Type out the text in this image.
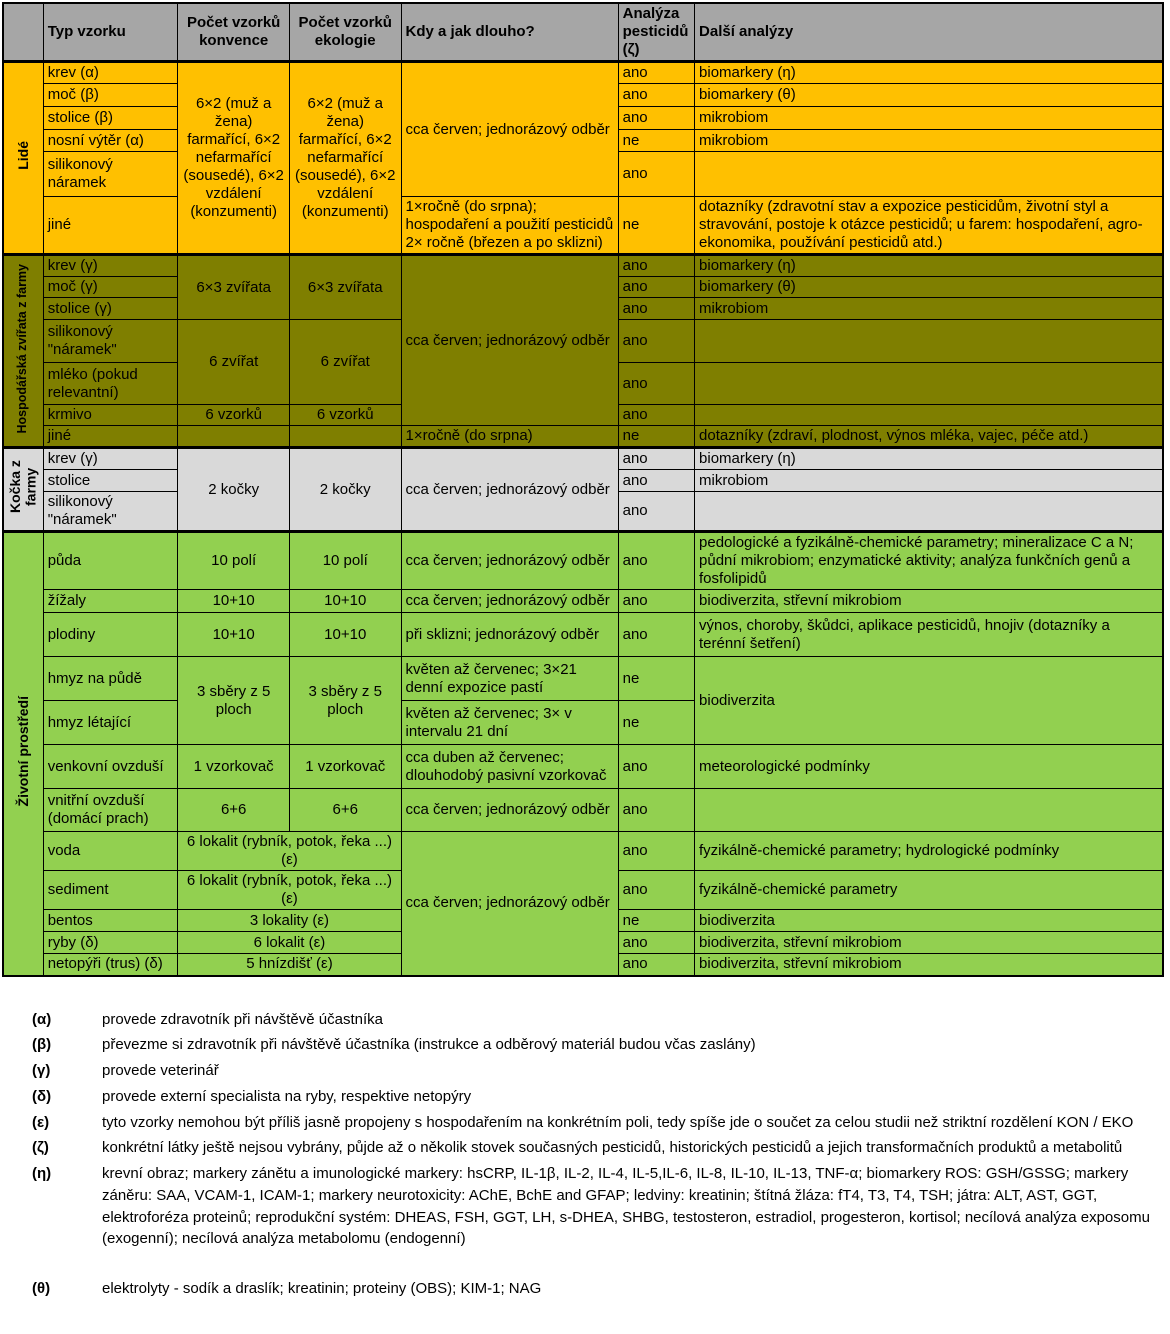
	Typ vzorku	Počet vzorků konvence	Počet vzorků ekologie	Kdy a jak dlouho?	Analýza pesticidů (ζ)	Další analýzy
Lidé	krev (α)	6×2 (muž a žena) farmařící, 6×2 nefarmařící (sousedé), 6×2 vzdálení (konzumenti)	6×2 (muž a žena) farmařící, 6×2 nefarmařící (sousedé), 6×2 vzdálení (konzumenti)	cca červen; jednorázový odběr	ano	biomarkery (η)
	moč (β)				ano	biomarkery (θ)
	stolice (β)				ano	mikrobiom
	nosní výtěr (α)				ne	mikrobiom
	silikonový náramek				ano	
	jiné			1×ročně (do srpna); hospodaření a použití pesticidů 2× ročně (březen a po sklizni)	ne	dotazníky (zdravotní stav a expozice pesticidům, životní styl a stravování, postoje k otázce pesticidů; u farem: hospodaření, agro-ekonomika, používání pesticidů atd.)
Hospodářská zvířata z farmy	krev (γ)	6×3 zvířata	6×3 zvířata	cca červen; jednorázový odběr	ano	biomarkery (η)
	moč (γ)				ano	biomarkery (θ)
	stolice (γ)				ano	mikrobiom
	silikonový "náramek"	6 zvířat	6 zvířat		ano	
	mléko (pokud relevantní)				ano	
	krmivo	6 vzorků	6 vzorků		ano	
	jiné			1×ročně (do srpna)	ne	dotazníky (zdraví, plodnost, výnos mléka, vajec, péče atd.)
Kočka z farmy	krev (γ)	2 kočky	2 kočky	cca červen; jednorázový odběr	ano	biomarkery (η)
	stolice				ano	mikrobiom
	silikonový "náramek"				ano	
Životní prostředí	půda	10 polí	10 polí	cca červen; jednorázový odběr	ano	pedologické a fyzikálně-chemické parametry; mineralizace C a N; půdní mikrobiom; enzymatické aktivity; analýza funkčních genů a fosfolipidů
	žížaly	10+10	10+10	cca červen; jednorázový odběr	ano	biodiverzita, střevní mikrobiom
	plodiny	10+10	10+10	při sklizni; jednorázový odběr	ano	výnos, choroby, škůdci, aplikace pesticidů, hnojiv (dotazníky a terénní šetření)
	hmyz na půdě	3 sběry z 5 ploch	3 sběry z 5 ploch	květen až červenec; 3×21 denní expozice pastí	ne	biodiverzita
	hmyz létající			květen až červenec; 3× v intervalu 21 dní	ne	
	venkovní ovzduší	1 vzorkovač	1 vzorkovač	cca duben až červenec; dlouhodobý pasivní vzorkovač	ano	meteorologické podmínky
	vnitřní ovzduší (domácí prach)	6+6	6+6	cca červen; jednorázový odběr	ano	
	voda	6 lokalit (rybník, potok, řeka ...) (ε)		cca červen; jednorázový odběr	ano	fyzikálně-chemické parametry; hydrologické podmínky
	sediment	6 lokalit (rybník, potok, řeka ...) (ε)			ano	fyzikálně-chemické parametry
	bentos	3 lokality (ε)			ne	biodiverzita
	ryby (δ)	6 lokalit (ε)			ano	biodiverzita, střevní mikrobiom
	netopýři (trus) (δ)	5 hnízdišť (ε)			ano	biodiverzita, střevní mikrobiom
(α)	provede zdravotník při návštěvě účastníka
(β)	převezme si zdravotník při návštěvě účastníka (instrukce a odběrový materiál budou včas zaslány)
(γ)	provede veterinář
(δ)	provede externí specialista na ryby, respektive netopýry
(ε)	tyto vzorky nemohou být příliš jasně propojeny s hospodařením na konkrétním poli, tedy spíše jde o součet za celou studii než striktní rozdělení KON / EKO
(ζ)	konkrétní látky ještě nejsou vybrány, půjde až o několik stovek současných pesticidů, historických pesticidů a jejich transformačních produktů a metabolitů
(η)	krevní obraz; markery zánětu a imunologické markery: hsCRP, IL-1β, IL-2, IL-4, IL-5,IL-6, IL-8, IL-10, IL-13, TNF-α; biomarkery ROS: GSH/GSSG; markery záněru: SAA, VCAM-1, ICAM-1; markery neurotoxicity: AChE, BchE and GFAP; ledviny: kreatinin; štítná žláza: fT4, T3, T4, TSH; játra: ALT, AST, GGT, elektroforéza proteinů; reprodukční systém: DHEAS, FSH, GGT, LH, s-DHEA, SHBG, testosteron, estradiol, progesteron, kortisol; necílová analýza exposomu (exogenní); necílová analýza metabolomu (endogenní)
(θ)	elektrolyty - sodík a draslík; kreatinin; proteiny (OBS); KIM-1; NAG
